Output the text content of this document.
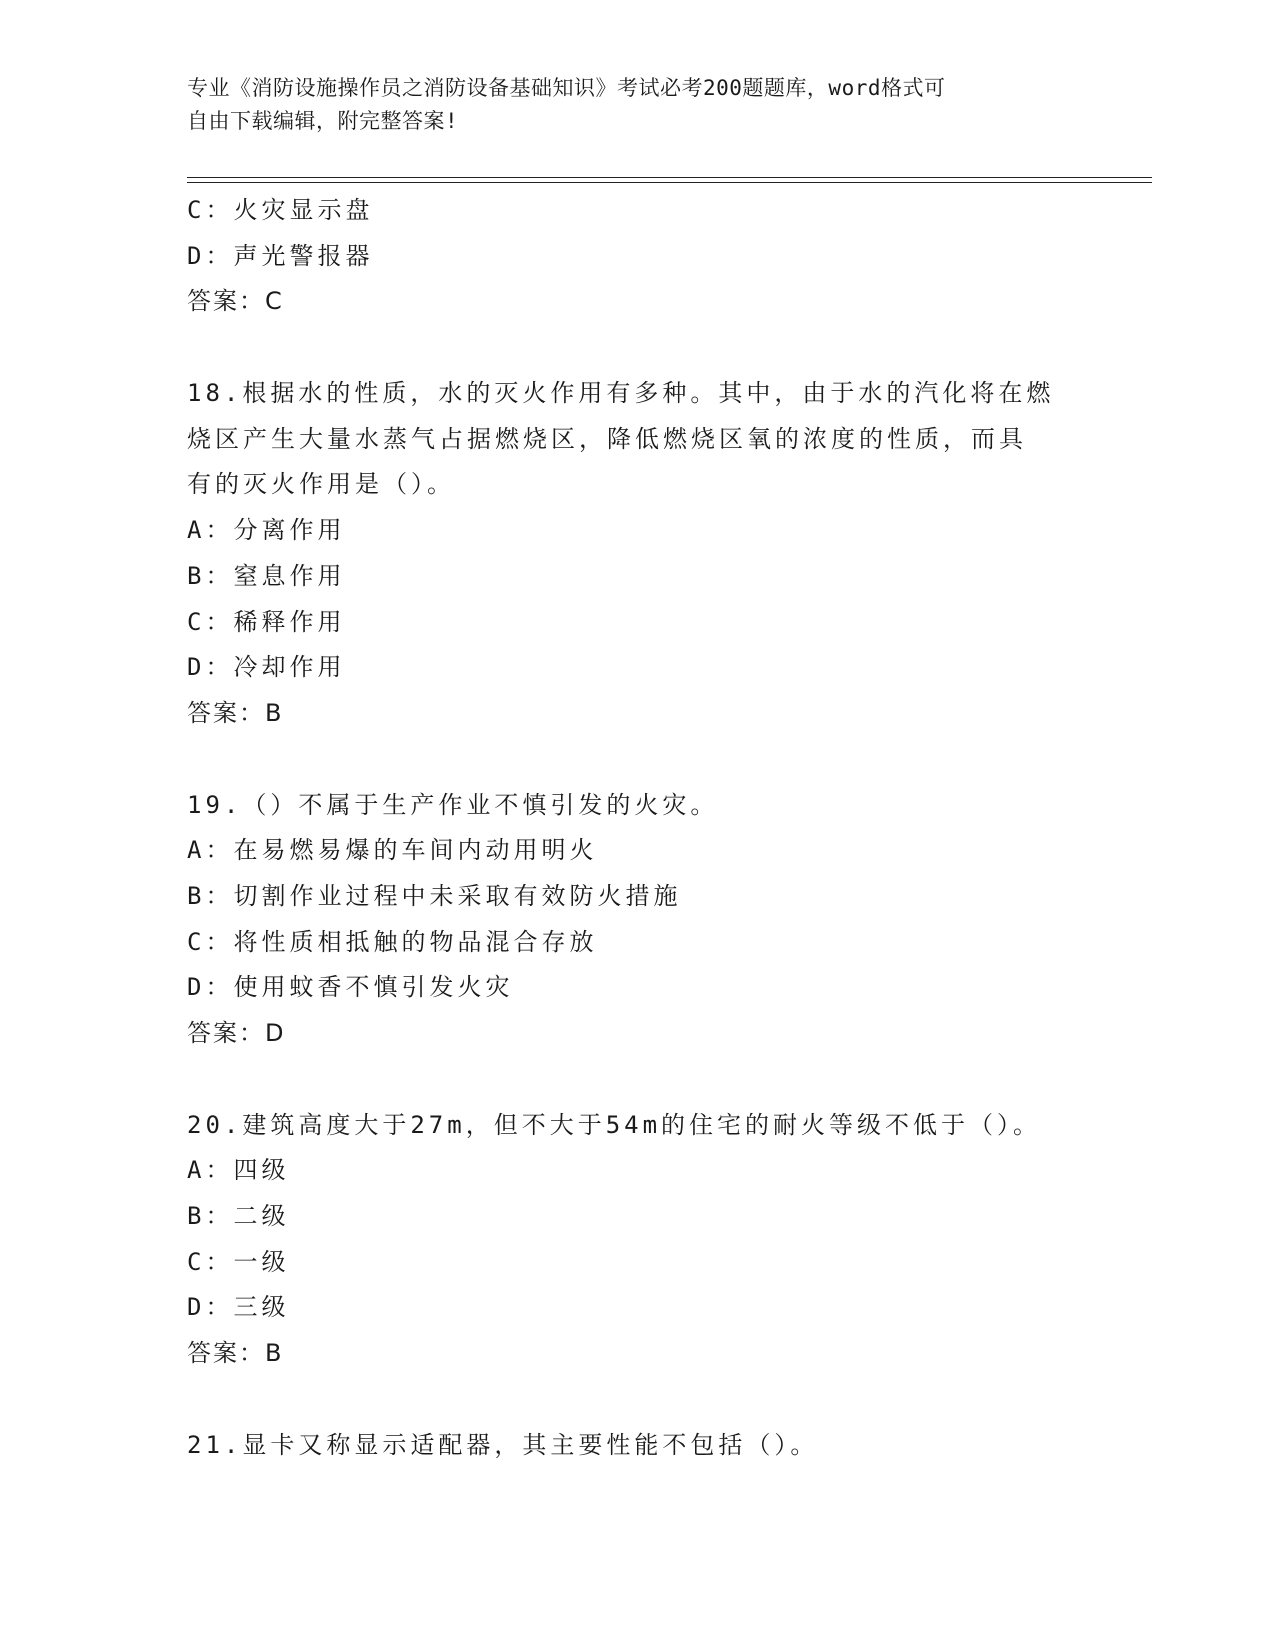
专业《消防设施操作员之消防设备基础知识》考试必考200题题库，word格式可
自由下载编辑，附完整答案!
C：火灾显示盘
D：声光警报器
答案：C
18.根据水的性质，水的灭火作用有多种。其中，由于水的汽化将在燃
烧区产生大量水蒸气占据燃烧区，降低燃烧区氧的浓度的性质，而具
有的灭火作用是（）。
A：分离作用
B：窒息作用
C：稀释作用
D：冷却作用
答案：B
19.（）不属于生产作业不慎引发的火灾。
A：在易燃易爆的车间内动用明火
B：切割作业过程中未采取有效防火措施
C：将性质相抵触的物品混合存放
D：使用蚊香不慎引发火灾
答案：D
20.建筑高度大于27m，但不大于54m的住宅的耐火等级不低于（）。
A：四级
B：二级
C：一级
D：三级
答案：B
21.显卡又称显示适配器，其主要性能不包括（）。
